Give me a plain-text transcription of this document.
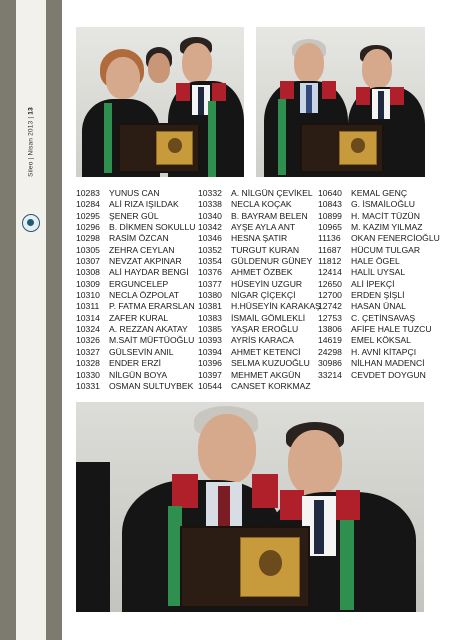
Sileo | Nisan 2013 | 13
10283	YUNUS CAN
10284	ALİ RIZA IŞILDAK
10295	ŞENER GÜL
10296	B. DİKMEN SOKULLU
10298	RASİM ÖZCAN
10305	ZEHRA CEYLAN
10307	NEVZAT AKPINAR
10308	ALİ HAYDAR BENGİ
10309	ERGUNCELEP
10310	NECLA ÖZPOLAT
10311	P. FATMA ERARSLAN
10314	ZAFER KURAL
10324	A. REZZAN AKATAY
10326	M.SAİT MÜFTÜOĞLU
10327	GÜLSEVİN ANIL
10328	ENDER ERZİ
10330	NİLGÜN BOYA
10331	OSMAN SULTUYBEK
10332	A. NİLGÜN ÇEVİKEL
10338	NECLA KOÇAK
10340	B. BAYRAM BELEN
10342	AYŞE AYLA ANT
10346	HESNA ŞATIR
10352	TURGUT KURAN
10354	GÜLDENUR GÜNEY
10376	AHMET ÖZBEK
10377	HÜSEYİN UZGUR
10380	NİGAR ÇİÇEKÇİ
10381	H.HÜSEYİN KARAKAŞ
10383	İSMAİL GÖMLEKLİ
10385	YAŞAR EROĞLU
10393	AYRİS KARACA
10394	AHMET KETENCİ
10396	SELMA KUZUOĞLU
10397	MEHMET AKGÜN
10544	CANSET KORKMAZ
10640	KEMAL GENÇ
10843	G. İSMAİLOĞLU
10899	H. MACİT TÜZÜN
10965	M. KAZIM YILMAZ
11136	OKAN FENERCİOĞLU
11687	HÜCUM TULGAR
11812	HALE ÖGEL
12414	HALİL UYSAL
12650	ALİ İPEKÇİ
12700	ERDEN ŞİŞLİ
12742	HASAN ÜNAL
12753	C. ÇETİNSAVAŞ
13806	AFİFE HALE TUZCU
14619	EMEL KÖKSAL
24298	H. AVNİ KİTAPÇI
30986	NİLHAN MADENCİ
33214	CEVDET DOYGUN
